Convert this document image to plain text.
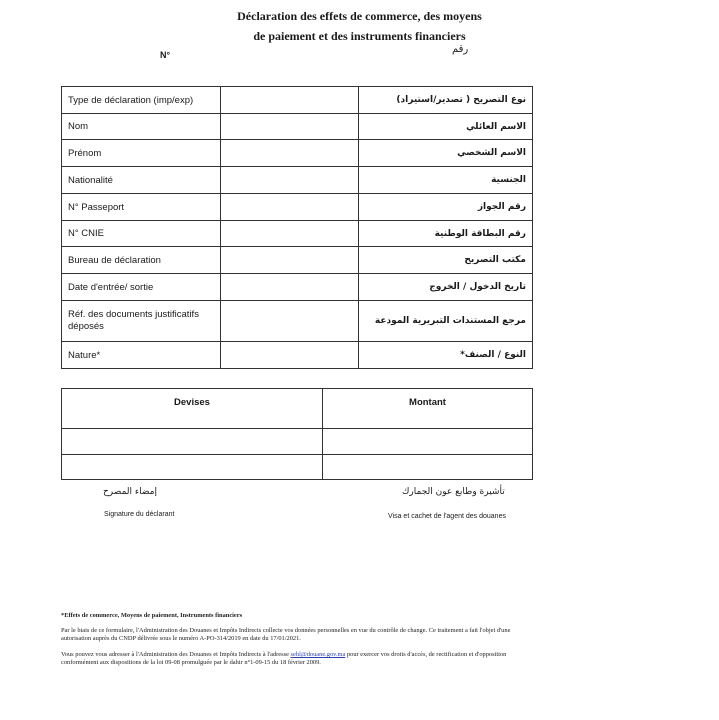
Déclaration des effets de commerce, des moyens
de paiement et des instruments financiers
N°	رقم
Type de déclaration (imp/exp)		نوع التصريح ( تصدير/استيراد)
Nom		الاسم العائلي
Prénom		الاسم الشخصي
Nationalité		الجنسية
N° Passeport		رقم الجواز
N° CNIE		رقم البطاقة الوطنية
Bureau de déclaration		مكتب التصريح
Date d'entrée/ sortie		تاريخ الدخول / الخروج
Réf. des documents justificatifs déposés		مرجع المستندات التبريرية المودعة
Nature*		النوع / الصنف*
Devises	Montant

إمضاء المصرح
Signature du déclarant
تأشيرة وطابع عون الجمارك
Visa et cachet de l'agent des douanes
*Effets de commerce, Moyens de paiement, Instruments financiers
Par le biais de ce formulaire, l'Administration des Douanes et Impôts Indirects collecte vos données personnelles en vue du contrôle de change. Ce traitement a fait l'objet d'une autorisation auprès du CNDP délivrée sous le numéro A-PO-314/2019 en date du 17/01/2021.
Vous pouvez vous adresser à l'Administration des Douanes et Impôts Indirects à l'adresse sehl@douane.gov.ma pour exercer vos droits d'accès, de rectification et d'opposition conformément aux dispositions de la loi 09-08 promulguée par le dahir n°1-09-15 du 18 février 2009.
